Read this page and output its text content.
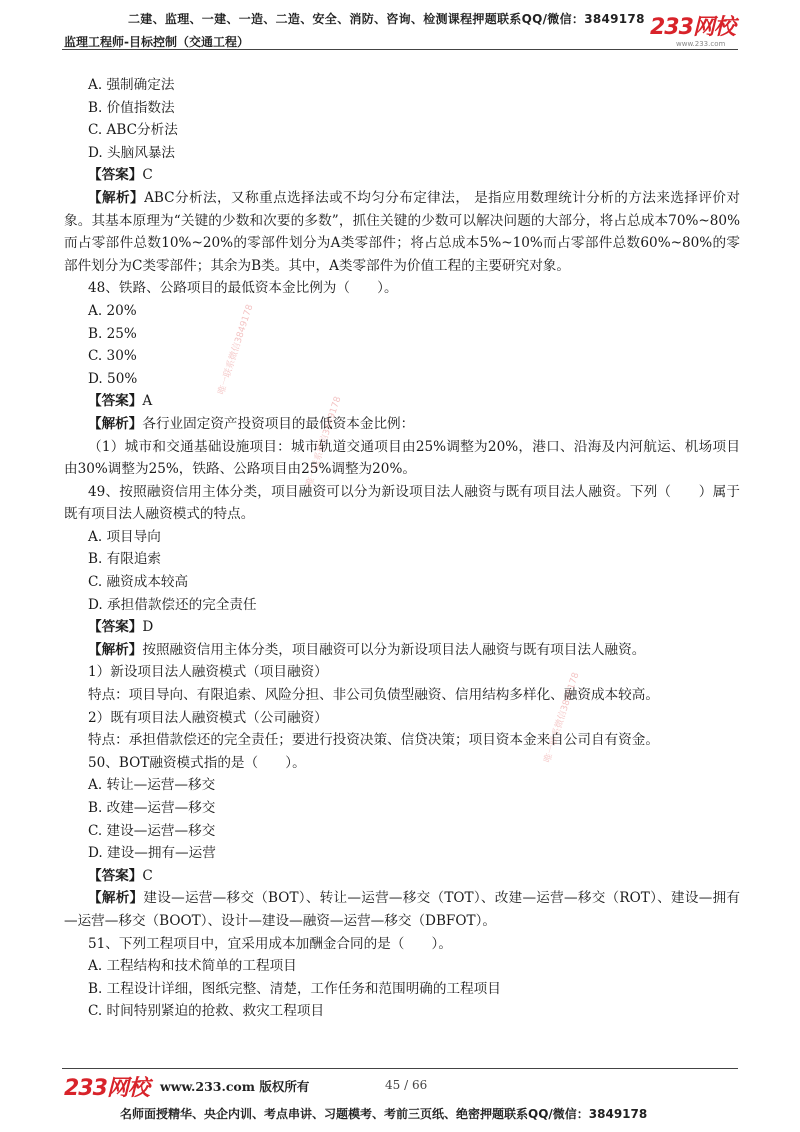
二建、监理、一建、一造、二造、安全、消防、咨询、检测课程押题联系QQ/微信：3849178
监理工程师-目标控制（交通工程）
233网校
www.233.com
唯一联系微信3849178
唯一联系微信3849178
唯一联系微信3849178
A. 强制确定法
B. 价值指数法
C. ABC分析法
D. 头脑风暴法
【答案】C

【解析】ABC分析法，又称重点选择法或不均匀分布定律法， 是指应用数理统计分析的方法来选择评价对象。其基本原理为“关键的少数和次要的多数”，抓住关键的少数可以解决问题的大部分，将占总成本70%~80%而占零部件总数10%~20%的零部件划分为A类零部件；将占总成本5%~10%而占零部件总数60%~80%的零部件划分为C类零部件；其余为B类。其中，A类零部件为价值工程的主要研究对象。

48、铁路、公路项目的最低资本金比例为（　　）。
A. 20%
B. 25%
C. 30%
D. 50%
【答案】A
【解析】各行业固定资产投资项目的最低资本金比例：

（1）城市和交通基础设施项目：城市轨道交通项目由25%调整为20%，港口、沿海及内河航运、机场项目由30%调整为25%，铁路、公路项目由25%调整为20%。

49、按照融资信用主体分类，项目融资可以分为新设项目法人融资与既有项目法人融资。下列（　　）属于既有项目法人融资模式的特点。

A. 项目导向
B. 有限追索
C. 融资成本较高
D. 承担借款偿还的完全责任
【答案】D
【解析】按照融资信用主体分类，项目融资可以分为新设项目法人融资与既有项目法人融资。
1）新设项目法人融资模式（项目融资）
特点：项目导向、有限追索、风险分担、非公司负债型融资、信用结构多样化、融资成本较高。
2）既有项目法人融资模式（公司融资）
特点：承担借款偿还的完全责任；要进行投资决策、信贷决策；项目资本金来自公司自有资金。
50、BOT融资模式指的是（　　）。
A. 转让—运营—移交
B. 改建—运营—移交
C. 建设—运营—移交
D. 建设—拥有—运营
【答案】C

【解析】建设—运营—移交（BOT）、转让—运营—移交（TOT）、改建—运营—移交（ROT）、建设—拥有—运营—移交（BOOT）、设计—建设—融资—运营—移交（DBFOT）。

51、下列工程项目中，宜采用成本加酬金合同的是（　　）。
A. 工程结构和技术简单的工程项目
B. 工程设计详细，图纸完整、清楚，工作任务和范围明确的工程项目
C. 时间特别紧迫的抢救、救灾工程项目
233网校 www.233.com 版权所有	45 / 66
名师面授精华、央企内训、考点串讲、习题模考、考前三页纸、绝密押题联系QQ/微信：3849178
